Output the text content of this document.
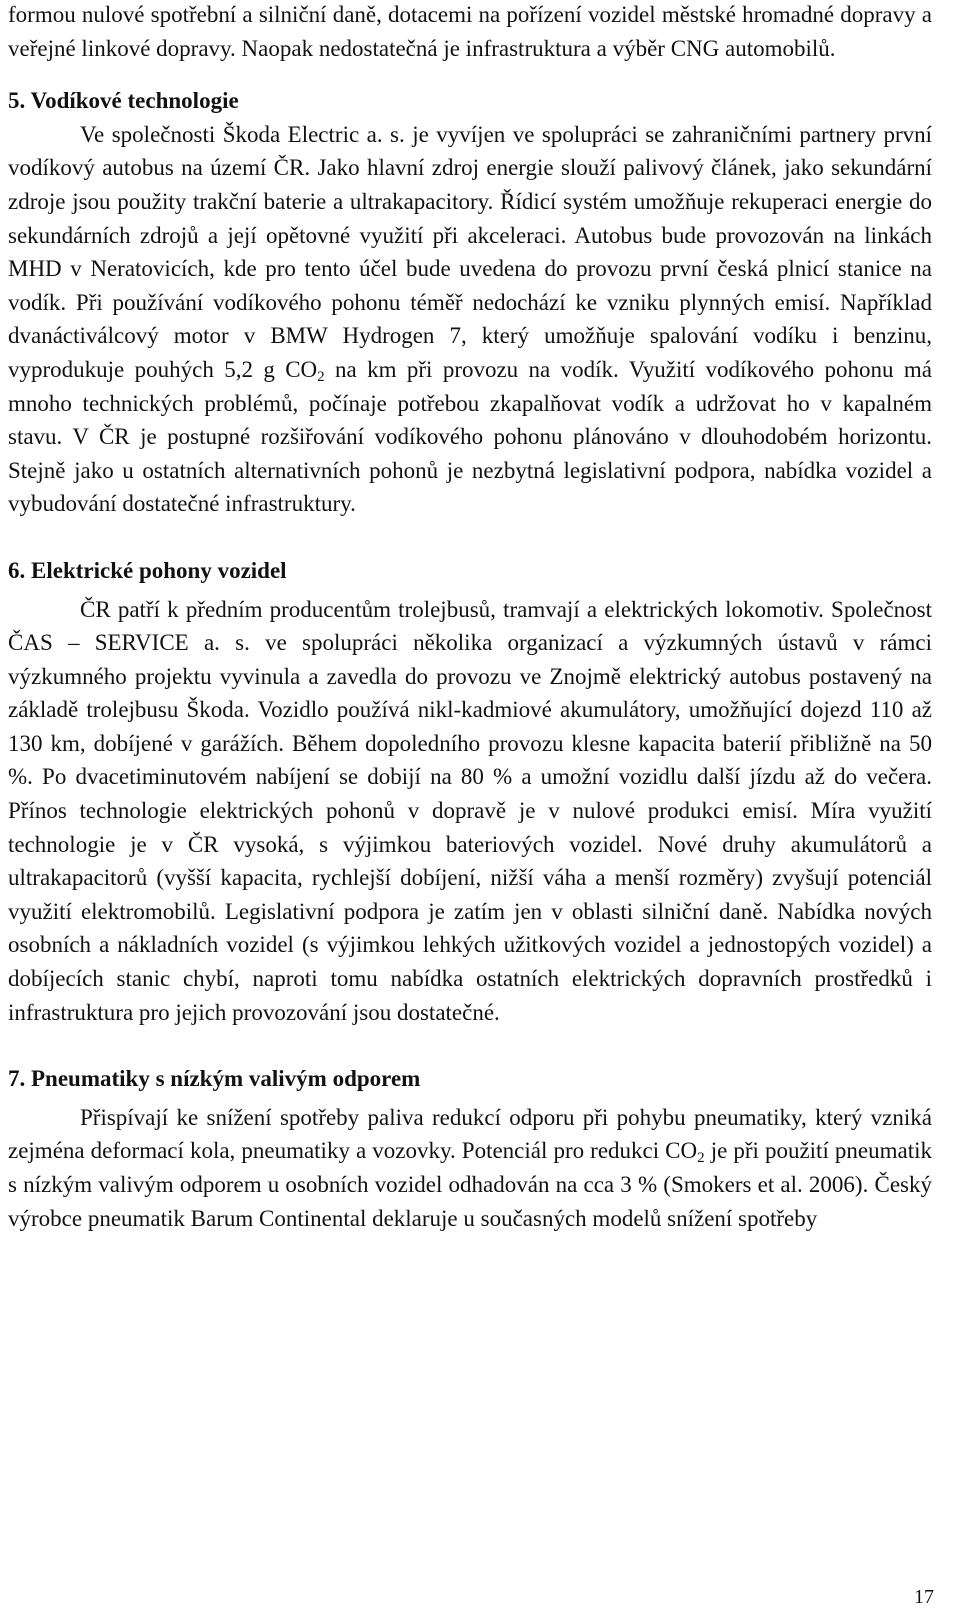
formou nulové spotřební a silniční daně, dotacemi na pořízení vozidel městské hromadné dopravy a veřejné linkové dopravy. Naopak nedostatečná je infrastruktura a výběr CNG automobilů.

5. Vodíkové technologie

Ve společnosti Škoda Electric a. s. je vyvíjen ve spolupráci se zahraničními partnery první vodíkový autobus na území ČR. Jako hlavní zdroj energie slouží palivový článek, jako sekundární zdroje jsou použity trakční baterie a ultrakapacitory. Řídicí systém umožňuje rekuperaci energie do sekundárních zdrojů a její opětovné využití při akceleraci. Autobus bude provozován na linkách MHD v Neratovicích, kde pro tento účel bude uvedena do provozu první česká plnicí stanice na vodík. Při používání vodíkového pohonu téměř nedochází ke vzniku plynných emisí. Například dvanáctiválcový motor v BMW Hydrogen 7, který umožňuje spalování vodíku i benzinu, vyprodukuje pouhých 5,2 g $CO_2$ na km při provozu na vodík. Využití vodíkového pohonu má mnoho technických problémů, počínaje potřebou zkapalňovat vodík a udržovat ho v kapalném stavu. V ČR je postupné rozšiřování vodíkového pohonu plánováno v dlouhodobém horizontu. Stejně jako u ostatních alternativních pohonů je nezbytná legislativní podpora, nabídka vozidel a vybudování dostatečné infrastruktury.

6. Elektrické pohony vozidel

ČR patří k předním producentům trolejbusů, tramvají a elektrických lokomotiv. Společnost ČAS – SERVICE a. s. ve spolupráci několika organizací a výzkumných ústavů v rámci výzkumného projektu vyvinula a zavedla do provozu ve Znojmě elektrický autobus postavený na základě trolejbusu Škoda. Vozidlo používá nikl-kadmiové akumulátory, umožňující dojezd 110 až 130 km, dobíjené v garážích. Během dopoledního provozu klesne kapacita baterií přibližně na 50 %. Po dvacetiminutovém nabíjení se dobijí na 80 % a umožní vozidlu další jízdu až do večera. Přínos technologie elektrických pohonů v dopravě je v nulové produkci emisí. Míra využití technologie je v ČR vysoká, s výjimkou bateriových vozidel. Nové druhy akumulátorů a ultrakapacitorů (vyšší kapacita, rychlejší dobíjení, nižší váha a menší rozměry) zvyšují potenciál využití elektromobilů. Legislativní podpora je zatím jen v oblasti silniční daně. Nabídka nových osobních a nákladních vozidel (s výjimkou lehkých užitkových vozidel a jednostopých vozidel) a dobíjecích stanic chybí, naproti tomu nabídka ostatních elektrických dopravních prostředků i infrastruktura pro jejich provozování jsou dostatečné.

7. Pneumatiky s nízkým valivým odporem

Přispívají ke snížení spotřeby paliva redukcí odporu při pohybu pneumatiky, který vzniká zejména deformací kola, pneumatiky a vozovky. Potenciál pro redukci $CO_2$ je při použití pneumatik s nízkým valivým odporem u osobních vozidel odhadován na cca 3 % (Smokers et al. 2006). Český výrobce pneumatik Barum Continental deklaruje u současných modelů snížení spotřeby

17
